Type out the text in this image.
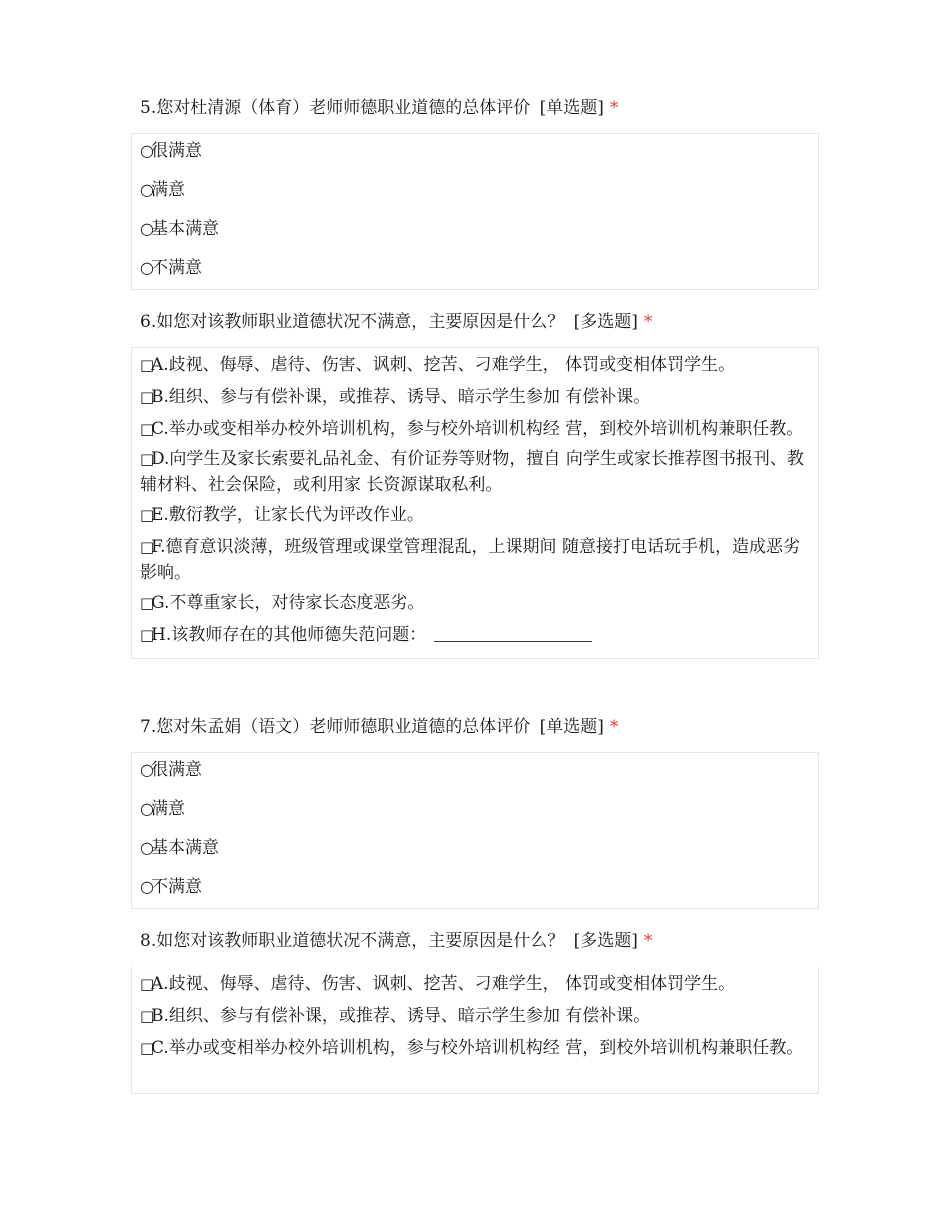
5.您对杜清源（体育）老师师德职业道德的总体评价 [单选题] *
○很满意
○满意
○基本满意
○不满意
6.如您对该教师职业道德状况不满意，主要原因是什么？ [多选题] *
□A.歧视、侮辱、虐待、伤害、讽刺、挖苦、刁难学生， 体罚或变相体罚学生。
□B.组织、参与有偿补课，或推荐、诱导、暗示学生参加 有偿补课。
□C.举办或变相举办校外培训机构，参与校外培训机构经 营，到校外培训机构兼职任教。
□D.向学生及家长索要礼品礼金、有价证券等财物，擅自 向学生或家长推荐图书报刊、教辅材料、社会保险，或利用家 长资源谋取私利。
□E.敷衍教学，让家长代为评改作业。
□F.德育意识淡薄，班级管理或课堂管理混乱，上课期间 随意接打电话玩手机，造成恶劣影响。
□G.不尊重家长，对待家长态度恶劣。
□H.该教师存在的其他师德失范问题：
7.您对朱孟娟（语文）老师师德职业道德的总体评价 [单选题] *
○很满意
○满意
○基本满意
○不满意
8.如您对该教师职业道德状况不满意，主要原因是什么？ [多选题] *
□A.歧视、侮辱、虐待、伤害、讽刺、挖苦、刁难学生， 体罚或变相体罚学生。
□B.组织、参与有偿补课，或推荐、诱导、暗示学生参加 有偿补课。
□C.举办或变相举办校外培训机构，参与校外培训机构经 营，到校外培训机构兼职任教。
